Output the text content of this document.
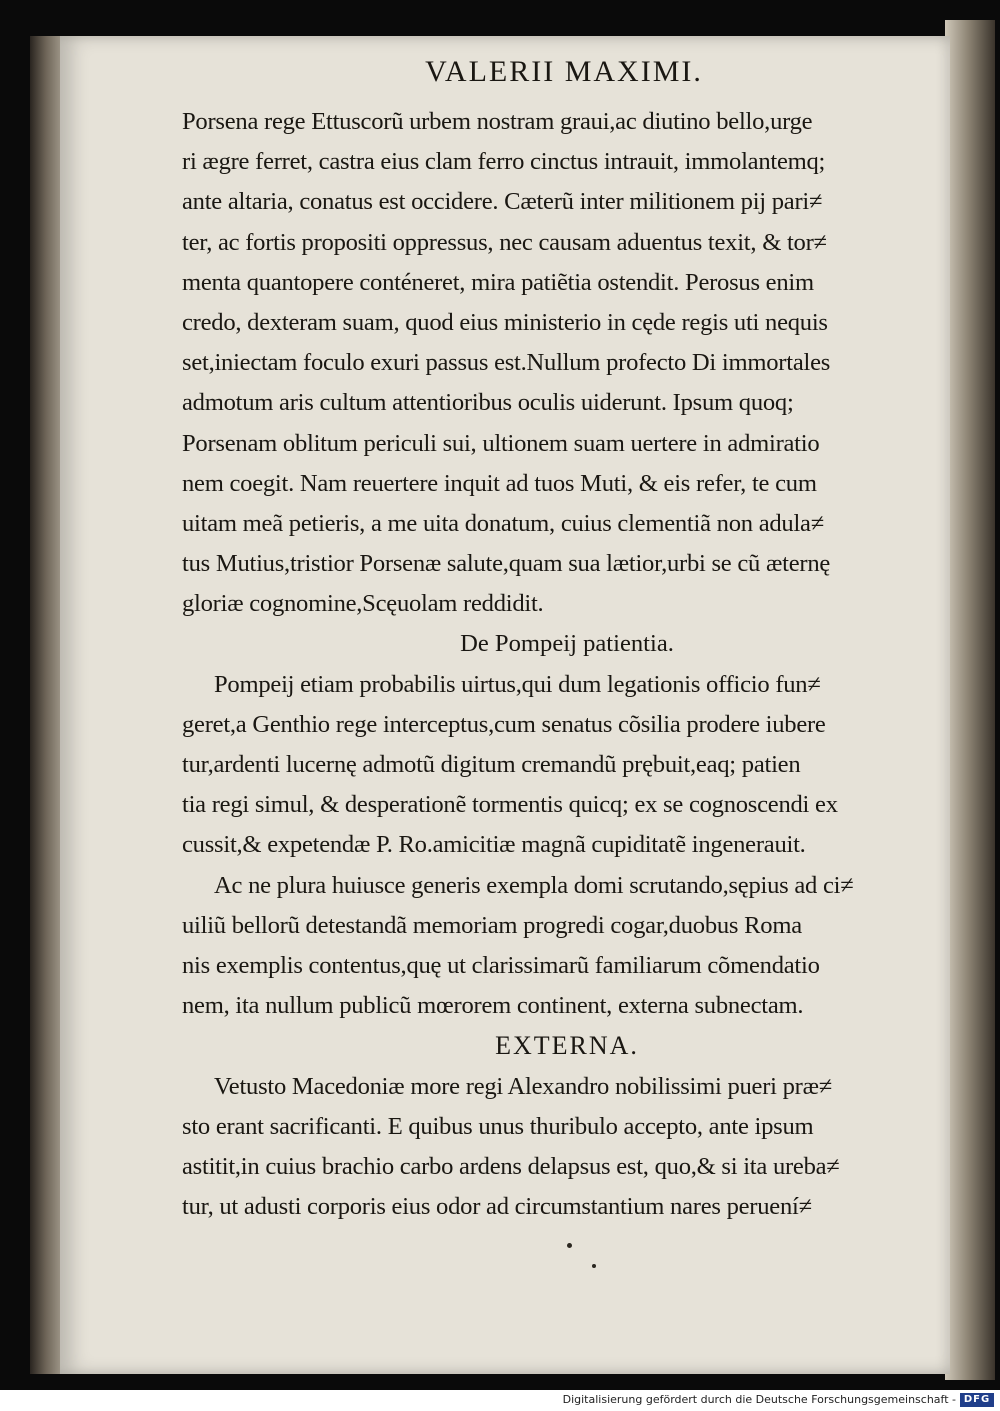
VALERII MAXIMI.
Porsena rege Ettuscorũ urbem nostram graui,ac diutino bello,urge
ri ægre ferret, castra eius clam ferro cinctus intrauit, immolantemq;
ante altaria, conatus est occidere. Cæterũ inter militionem pij pari≠
ter, ac fortis propositi oppressus, nec causam aduentus texit, & tor≠
menta quantopere conténeret, mira patiẽtia ostendit. Perosus enim
credo, dexteram suam, quod eius ministerio in cęde regis uti nequis
set,iniectam foculo exuri passus est.Nullum profecto Di immortales
admotum aris cultum attentioribus oculis uiderunt. Ipsum quoq;
Porsenam oblitum periculi sui, ultionem suam uertere in admiratio
nem coegit. Nam reuertere inquit ad tuos Muti, & eis refer, te cum
uitam meã petieris, a me uita donatum, cuius clementiã non adula≠
tus Mutius,tristior Porsenæ salute,quam sua lætior,urbi se cũ æternę
gloriæ cognomine,Scęuolam reddidit.
De Pompeij patientia.
Pompeij etiam probabilis uirtus,qui dum legationis officio fun≠
geret,a Genthio rege interceptus,cum senatus cõsilia prodere iubere
tur,ardenti lucernę admotũ digitum cremandũ prębuit,eaq; patien
tia regi simul, & desperationẽ tormentis quicq; ex se cognoscendi ex
cussit,& expetendæ P. Ro.amicitiæ magnã cupiditatẽ ingenerauit.
Ac ne plura huiusce generis exempla domi scrutando,sępius ad ci≠
uiliũ bellorũ detestandã memoriam progredi cogar,duobus Roma
nis exemplis contentus,quę ut clarissimarũ familiarum cõmendatio
nem, ita nullum publicũ mœrorem continent, externa subnectam.
EXTERNA.
Vetusto Macedoniæ more regi Alexandro nobilissimi pueri præ≠
sto erant sacrificanti. E quibus unus thuribulo accepto, ante ipsum
astitit,in cuius brachio carbo ardens delapsus est, quo,& si ita ureba≠
tur, ut adusti corporis eius odor ad circumstantium nares peruení≠
Digitalisierung gefördert durch die Deutsche Forschungsgemeinschaft - DFG
